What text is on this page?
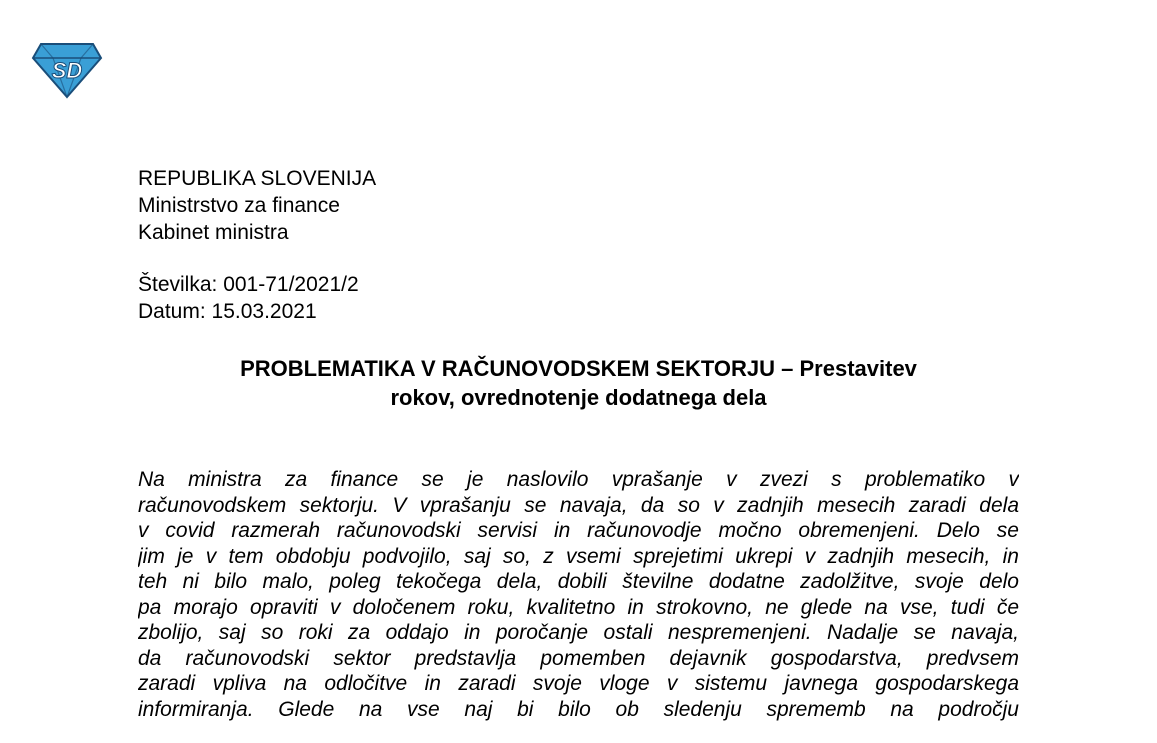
SD
REPUBLIKA SLOVENIJA
Ministrstvo za finance
Kabinet ministra
Številka: 001-71/2021/2
Datum: 15.03.2021
PROBLEMATIKA V RAČUNOVODSKEM SEKTORJU – Prestavitev
rokov, ovrednotenje dodatnega dela
Na ministra za finance se je naslovilo vprašanje v zvezi s problematiko v
računovodskem sektorju. V vprašanju se navaja, da so v zadnjih mesecih zaradi dela
v covid razmerah računovodski servisi in računovodje močno obremenjeni. Delo se
jim je v tem obdobju podvojilo, saj so, z vsemi sprejetimi ukrepi v zadnjih mesecih, in
teh ni bilo malo, poleg tekočega dela, dobili številne dodatne zadolžitve, svoje delo
pa morajo opraviti v določenem roku, kvalitetno in strokovno, ne glede na vse, tudi če
zbolijo, saj so roki za oddajo in poročanje ostali nespremenjeni. Nadalje se navaja,
da računovodski sektor predstavlja pomemben dejavnik gospodarstva, predvsem
zaradi vpliva na odločitve in zaradi svoje vloge v sistemu javnega gospodarskega
informiranja. Glede na vse naj bi bilo ob sledenju sprememb na področju
